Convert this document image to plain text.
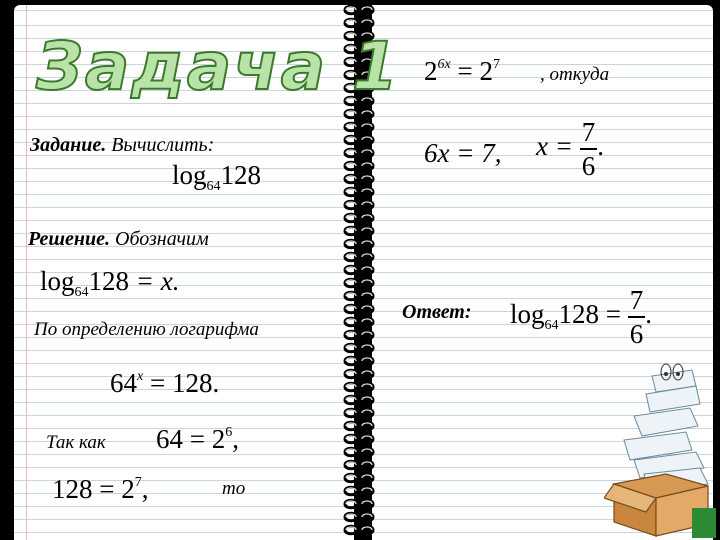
Задача 1
Задание. Вычислить:
$\log_{64}128$
Решение. Обозначим
$\log_{64}128 = x$.
По определению логарифма
$64^x = 128$.
Так как $64 = 2^6$,
$128 = 2^7$,	то
$2^{6x} = 2^7$ , откуда
6x = 7, $x = \frac{7}{6}$ .
Ответ: $\log_{64}128 = \frac{7}{6}$ .
